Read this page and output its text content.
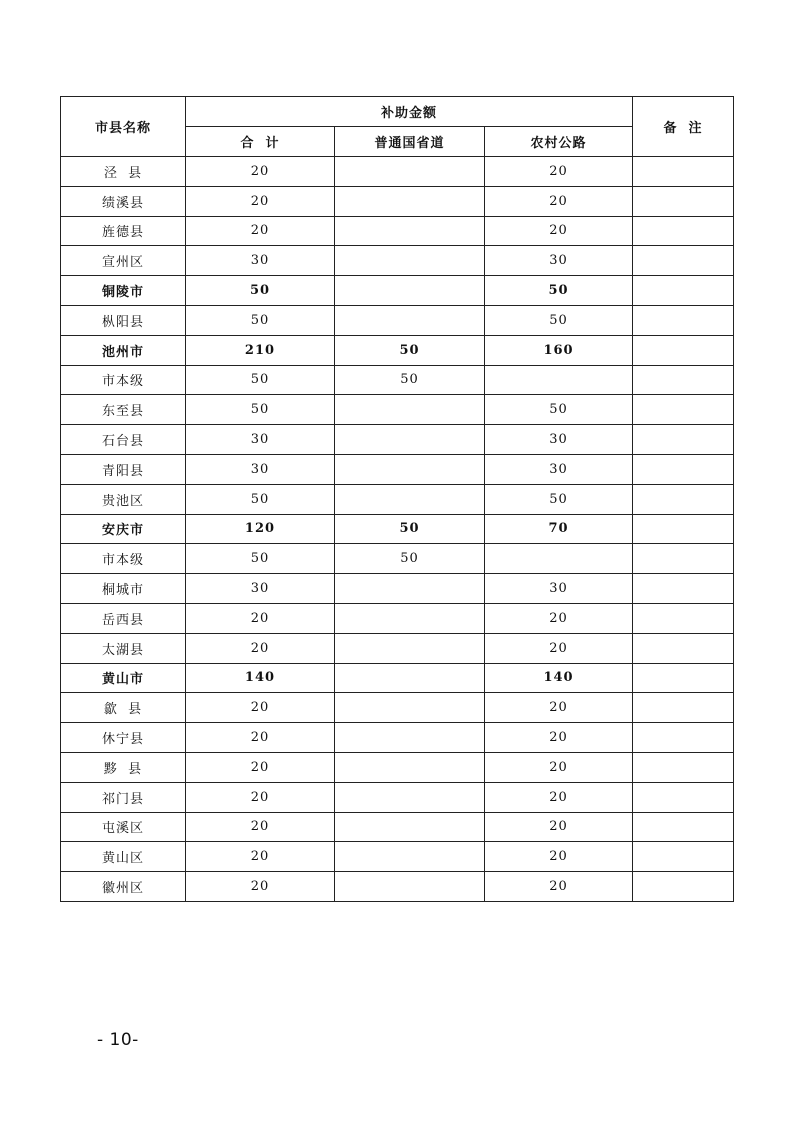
市县名称	补助金额			备  注
	合  计	普通国省道	农村公路	
泾  县	20		20	
绩溪县	20		20	
旌德县	20		20	
宣州区	30		30	
铜陵市	50		50	
枞阳县	50		50	
池州市	210	50	160	
市本级	50	50		
东至县	50		50	
石台县	30		30	
青阳县	30		30	
贵池区	50		50	
安庆市	120	50	70	
市本级	50	50		
桐城市	30		30	
岳西县	20		20	
太湖县	20		20	
黄山市	140		140	
歙  县	20		20	
休宁县	20		20	
黟  县	20		20	
祁门县	20		20	
屯溪区	20		20	
黄山区	20		20	
徽州区	20		20	
- 10-
